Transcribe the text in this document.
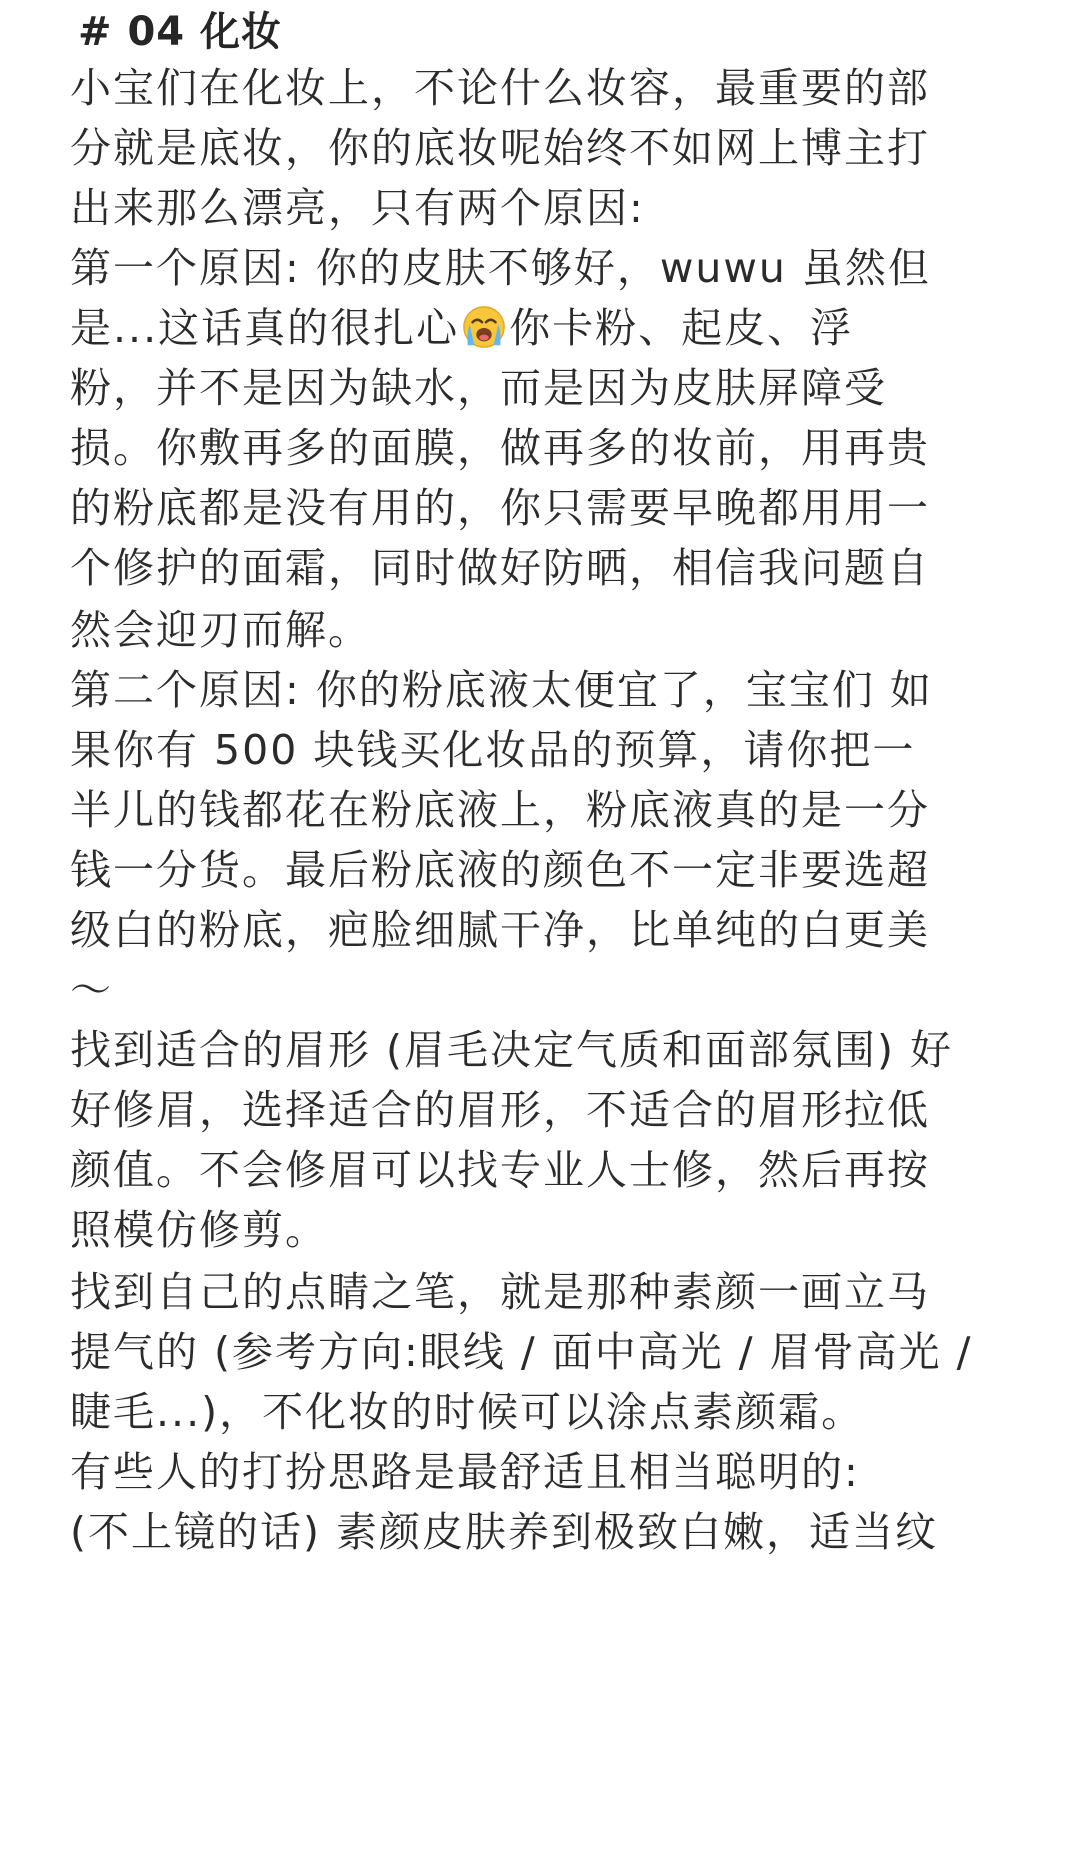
# 04 化妆
小宝们在化妆上，不论什么妆容，最重要的部
分就是底妆，你的底妆呢始终不如网上博主打
出来那么漂亮，只有两个原因:
第一个原因: 你的皮肤不够好，wuwu 虽然但
是...这话真的很扎心 你卡粉、起皮、浮
粉，并不是因为缺水，而是因为皮肤屏障受
损。你敷再多的面膜，做再多的妆前，用再贵
的粉底都是没有用的，你只需要早晚都用用一
个修护的面霜，同时做好防晒，相信我问题自
然会迎刃而解。
第二个原因: 你的粉底液太便宜了，宝宝们 如
果你有 500 块钱买化妆品的预算，请你把一
半儿的钱都花在粉底液上，粉底液真的是一分
钱一分货。最后粉底液的颜色不一定非要选超
级白的粉底，疤脸细腻干净，比单纯的白更美
～
找到适合的眉形 (眉毛决定气质和面部氛围) 好
好修眉，选择适合的眉形，不适合的眉形拉低
颜值。不会修眉可以找专业人士修，然后再按
照模仿修剪。
找到自己的点睛之笔，就是那种素颜一画立马
提气的 (参考方向:眼线 / 面中高光 / 眉骨高光 /
睫毛...)，不化妆的时候可以涂点素颜霜。
有些人的打扮思路是最舒适且相当聪明的:
(不上镜的话) 素颜皮肤养到极致白嫩，适当纹
